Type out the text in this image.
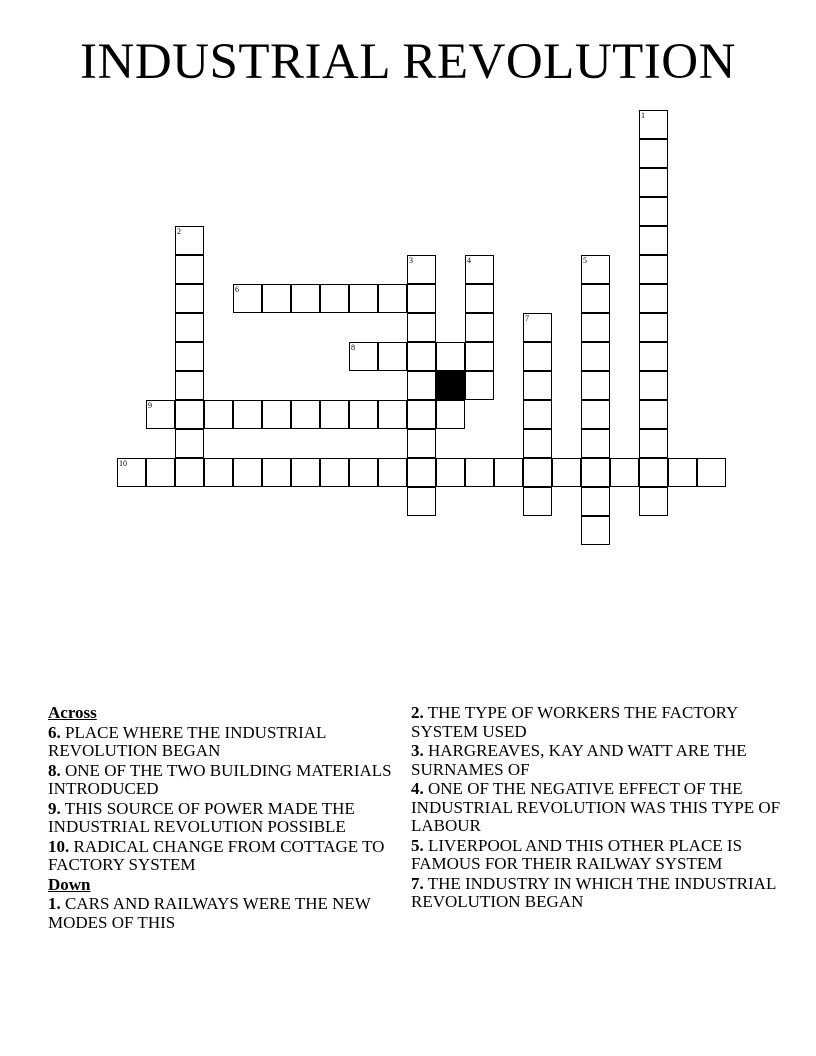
INDUSTRIAL REVOLUTION
1
2
3	4	5
7
6
8
9
10
Across
6. PLACE WHERE THE INDUSTRIAL REVOLUTION BEGAN
8. ONE OF THE TWO BUILDING MATERIALS INTRODUCED
9. THIS SOURCE OF POWER MADE THE INDUSTRIAL REVOLUTION POSSIBLE
10. RADICAL CHANGE FROM COTTAGE TO FACTORY SYSTEM
Down
1. CARS AND RAILWAYS WERE THE NEW MODES OF THIS
2. THE TYPE OF WORKERS THE FACTORY SYSTEM USED
3. HARGREAVES, KAY AND WATT ARE THE SURNAMES OF
4. ONE OF THE NEGATIVE EFFECT OF THE INDUSTRIAL REVOLUTION WAS THIS TYPE OF LABOUR
5. LIVERPOOL AND THIS OTHER PLACE IS FAMOUS FOR THEIR RAILWAY SYSTEM
7. THE INDUSTRY IN WHICH THE INDUSTRIAL REVOLUTION BEGAN
